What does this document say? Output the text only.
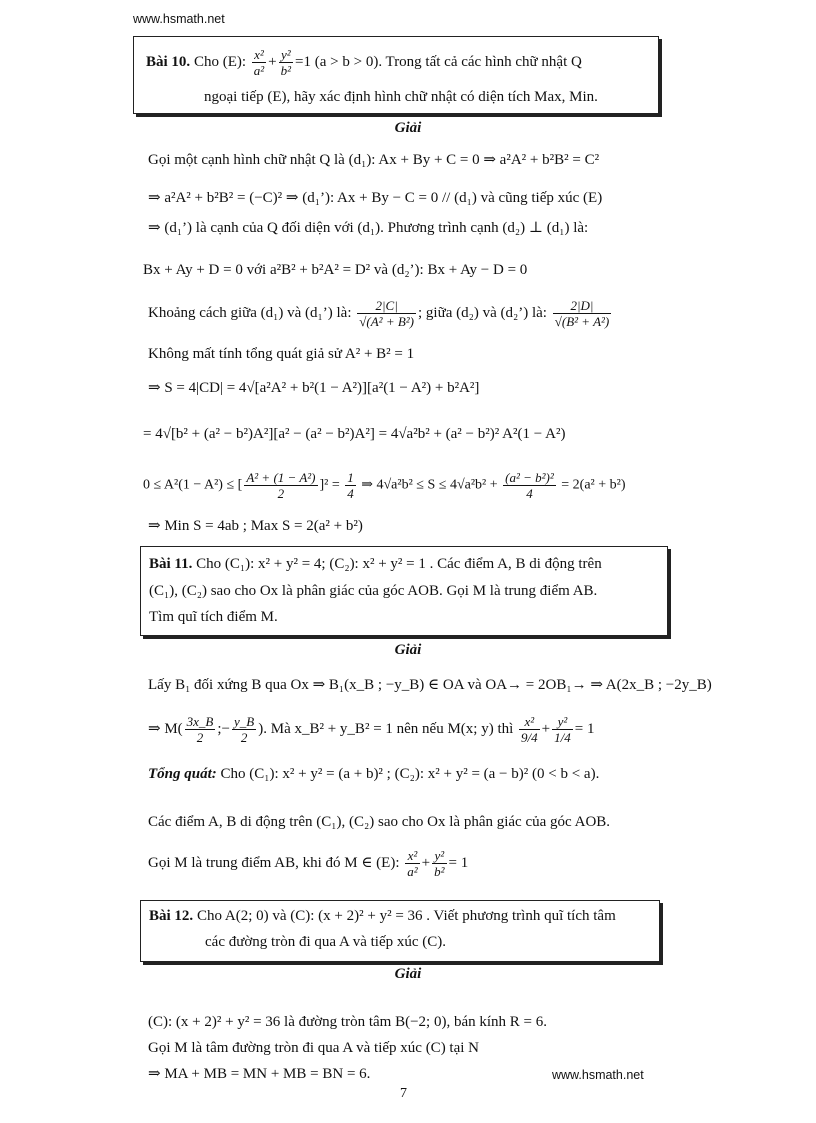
www.hsmath.net
Bài 10. Cho (E): $\frac{\text{x²}}{\text{a²}} + \frac{\text{y²}}{\text{b²}} =1$ (a > b > 0). Trong tất cả các hình chữ nhật Q
ngoại tiếp (E), hãy xác định hình chữ nhật có diện tích Max, Min.
Giải
Gọi một cạnh hình chữ nhật Q là (d₁): Ax + By + C = 0 ⇒ a²A² + b²B² = C²
⇒ a²A² + b²B² = (−C)² ⇒ (d₁’): Ax + By − C = 0 // (d₁) và cũng tiếp xúc (E)
⇒ (d₁’) là cạnh của Q đối diện với (d₁). Phương trình cạnh (d₂) ⊥ (d₁) là:
Bx + Ay + D = 0 với a²B² + b²A² = D² và (d₂’): Bx + Ay − D = 0
Khoảng cách giữa (d₁) và (d₁’) là: $\frac{2|C|}{\text{√(A² + B²)}}$ ; giữa (d₂) và (d₂’) là: $\frac{2|D|}{\text{√(B² + A²)}}$
Không mất tính tổng quát giả sử A² + B² = 1
⇒ S = 4|CD| = 4√[a²A² + b²(1 − A²)][a²(1 − A²) + b²A²]
= 4√[b² + (a² − b²)A²][a² − (a² − b²)A²] = 4√a²b² + (a² − b²)² A²(1 − A²)
0 ≤ A²(1 − A²) ≤ [ $\frac{\text{A² + (1 − A²)}}{2} ]^2 = \frac{1}{4}$ ⇒ $4√a^2b^2 \le S \le 4√a^2b^2 + \frac{\text{(a² − b²)²}}{4} = 2(a^2 + b^2)$
⇒ Min S = 4ab ; Max S = 2(a² + b²)
Bài 11. Cho (C₁): x² + y² = 4; (C₂): x² + y² = 1 . Các điểm A, B di động trên
(C₁), (C₂) sao cho Ox là phân giác của góc AOB. Gọi M là trung điểm AB.
Tìm quĩ tích điểm M.
Giải
Lấy B₁ đối xứng B qua Ox ⇒ B₁(x_B ; −y_B) ∈ OA và OA→ = 2OB₁→ ⇒ A(2x_B ; −2y_B)
⇒ $M( \frac{3x\_B}{2}$ ;− $\frac{y\_B}{2}$ ). Mà x_B² + y_B² = 1 nên nếu M(x; y) thì $\frac{\text{x²}}{9/4} + \frac{\text{y²}}{1/4} = 1$
Tổng quát: Cho (C₁): x² + y² = (a + b)² ; (C₂): x² + y² = (a − b)² (0 < b < a).
Các điểm A, B di động trên (C₁), (C₂) sao cho Ox là phân giác của góc AOB.
Gọi M là trung điểm AB, khi đó M ∈ (E): $\frac{\text{x²}}{\text{a²}} + \frac{\text{y²}}{\text{b²}} = 1$
Bài 12. Cho A(2; 0) và (C): (x + 2)² + y² = 36 . Viết phương trình quĩ tích tâm
các đường tròn đi qua A và tiếp xúc (C).
Giải
(C): (x + 2)² + y² = 36 là đường tròn tâm B(−2; 0), bán kính R = 6.
Gọi M là tâm đường tròn đi qua A và tiếp xúc (C) tại N
⇒ MA + MB = MN + MB = BN = 6.	www.hsmath.net
7
